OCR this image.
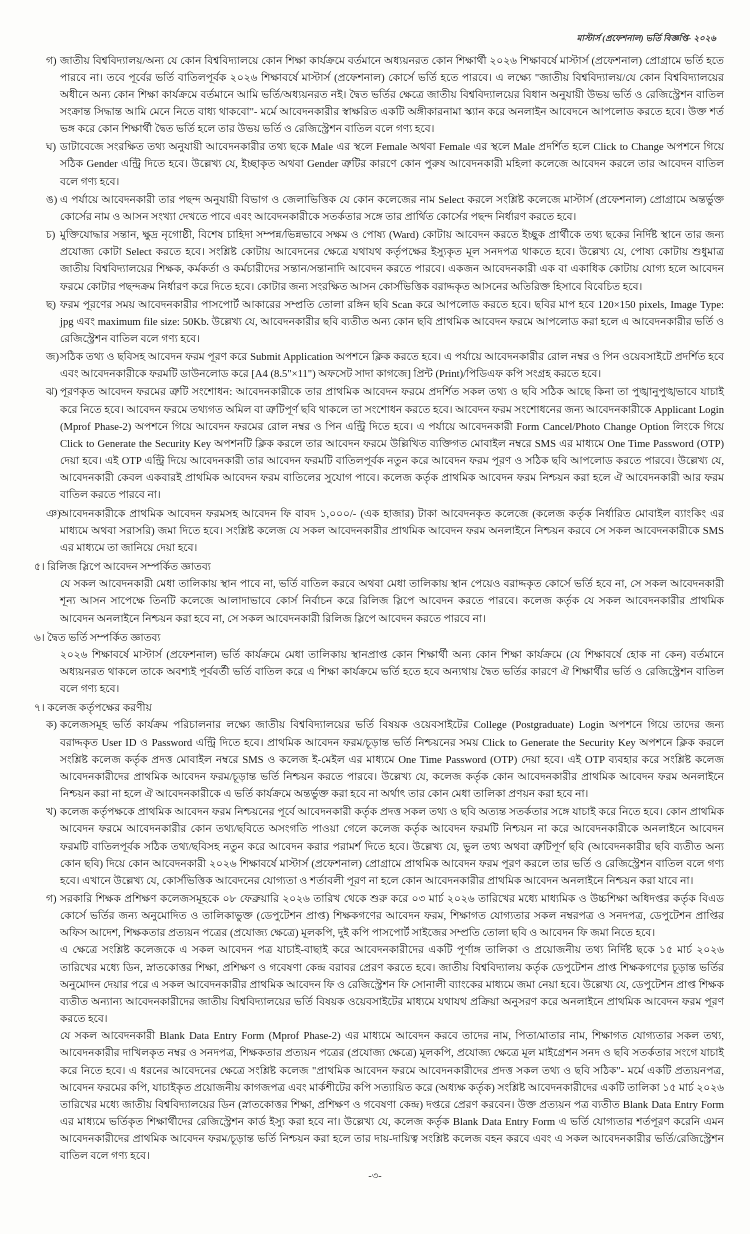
মাস্টার্স (প্রফেশনাল) ভর্তি বিজ্ঞপ্তি- ২০২৬
গ) জাতীয় বিশ্ববিদ্যালয়/অন্য যে কোন বিশ্ববিদ্যালয়ে কোন শিক্ষা কার্যক্রমে বর্তমানে অধ্যয়নরত কোন শিক্ষার্থী ২০২৬ শিক্ষাবর্ষে মাস্টার্স (প্রফেশনাল) প্রোগ্রামে ভর্তি হতে পারবে না। তবে পূর্বের ভর্তি বাতিলপূর্বক ২০২৬ শিক্ষাবর্ষে মাস্টার্স (প্রফেশনাল) কোর্সে ভর্তি হতে পারবে। এ লক্ষ্যে "জাতীয় বিশ্ববিদ্যালয়/যে কোন বিশ্ববিদ্যালয়ের অধীনে অন্য কোন শিক্ষা কার্যক্রমে বর্তমানে আমি ভর্তি/অধ্যয়নরত নই। দ্বৈত ভর্তির ক্ষেত্রে জাতীয় বিশ্ববিদ্যালয়ের বিধান অনুযায়ী উভয় ভর্তি ও রেজিস্ট্রেশন বাতিল সংক্রান্ত সিদ্ধান্ত আমি মেনে নিতে বাধ্য থাকবো"- মর্মে আবেদনকারীর স্বাক্ষরিত একটি অঙ্গীকারনামা স্ক্যান করে অনলাইন আবেদনে আপলোড করতে হবে। উক্ত শর্ত ভঙ্গ করে কোন শিক্ষার্থী দ্বৈত ভর্তি হলে তার উভয় ভর্তি ও রেজিস্ট্রেশন বাতিল বলে গণ্য হবে।
ঘ) ডাটাবেজে সংরক্ষিত তথ্য অনুযায়ী আবেদনকারীর তথ্য ছকে Male এর স্থলে Female অথবা Female এর স্থলে Male প্রদর্শিত হলে Click to Change অপশনে গিয়ে সঠিক Gender এন্ট্রি দিতে হবে। উল্লেখ্য যে, ইচ্ছাকৃত অথবা Gender ত্রুটির কারণে কোন পুরুষ আবেদনকারী মহিলা কলেজে আবেদন করলে তার আবেদন বাতিল বলে গণ্য হবে।
ঙ) এ পর্যায়ে আবেদনকারী তার পছন্দ অনুযায়ী বিভাগ ও জেলাভিত্তিক যে কোন কলেজের নাম Select করলে সংশ্লিষ্ট কলেজে মাস্টার্স (প্রফেশনাল) প্রোগ্রামে অন্তর্ভুক্ত কোর্সের নাম ও আসন সংখ্যা দেখতে পাবে এবং আবেদনকারীকে সতর্কতার সঙ্গে তার প্রার্থিত কোর্সের পছন্দ নির্ধারণ করতে হবে।
চ) মুক্তিযোদ্ধার সন্তান, ক্ষুদ্র নৃগোষ্ঠী, বিশেষ চাহিদা সম্পন্ন/ভিন্নভাবে সক্ষম ও পোষ্য (Ward) কোটায় আবেদন করতে ইচ্ছুক প্রার্থীকে তথ্য ছকের নির্দিষ্ট স্থানে তার জন্য প্রযোজ্য কোটা Select করতে হবে। সংশ্লিষ্ট কোটায় আবেদনের ক্ষেত্রে যথাযথ কর্তৃপক্ষের ইস্যুকৃত মূল সনদপত্র থাকতে হবে। উল্লেখ্য যে, পোষ্য কোটায় শুধুমাত্র জাতীয় বিশ্ববিদ্যালয়ের শিক্ষক, কর্মকর্তা ও কর্মচারীদের সন্তান/সন্তানাদি আবেদন করতে পারবে। একজন আবেদনকারী এক বা একাধিক কোটায় যোগ্য হলে আবেদন ফরমে কোটার পছন্দক্রম নির্ধারণ করে দিতে হবে। কোটার জন্য সংরক্ষিত আসন কোর্সভিত্তিক বরাদ্দকৃত আসনের অতিরিক্ত হিসাবে বিবেচিত হবে।
ছ) ফরম পূরণের সময় আবেদনকারীর পাসপোর্ট আকারের সম্প্রতি তোলা রঙ্গিন ছবি Scan করে আপলোড করতে হবে। ছবির মাপ হবে 120×150 pixels, Image Type: jpg এবং maximum file size: 50Kb. উল্লেখ্য যে, আবেদনকারীর ছবি ব্যতীত অন্য কোন ছবি প্রাথমিক আবেদন ফরমে আপলোড করা হলে এ আবেদনকারীর ভর্তি ও রেজিস্ট্রেশন বাতিল বলে গণ্য হবে।
জ) সঠিক তথ্য ও ছবিসহ আবেদন ফরম পূরণ করে Submit Application অপশনে ক্লিক করতে হবে। এ পর্যায়ে আবেদনকারীর রোল নম্বর ও পিন ওয়েবসাইটে প্রদর্শিত হবে এবং আবেদনকারীকে ফরমটি ডাউনলোড করে [A4 (8.5"×11") অফসেট সাদা কাগজে] প্রিন্ট (Print)/পিডিএফ কপি সংগ্রহ করতে হবে।
ঝ) পূরণকৃত আবেদন ফরমের ত্রুটি সংশোধন: আবেদনকারীকে তার প্রাথমিক আবেদন ফরমে প্রদর্শিত সকল তথ্য ও ছবি সঠিক আছে কিনা তা পুঙ্খানুপুঙ্খভাবে যাচাই করে নিতে হবে। আবেদন ফরমে তথ্যগত অমিল বা ত্রুটিপূর্ণ ছবি থাকলে তা সংশোধন করতে হবে। আবেদন ফরম সংশোধনের জন্য আবেদনকারীকে Applicant Login (Mprof Phase-2) অপশনে গিয়ে আবেদন ফরমের রোল নম্বর ও পিন এন্ট্রি দিতে হবে। এ পর্যায়ে আবেদনকারী Form Cancel/Photo Change Option লিংকে গিয়ে Click to Generate the Security Key অপশনটি ক্লিক করলে তার আবেদন ফরমে উল্লিখিত ব্যক্তিগত মোবাইল নম্বরে SMS এর মাধ্যমে One Time Password (OTP) দেয়া হবে। এই OTP এন্ট্রি দিয়ে আবেদনকারী তার আবেদন ফরমটি বাতিলপূর্বক নতুন করে আবেদন ফরম পূরণ ও সঠিক ছবি আপলোড করতে পারবে। উল্লেখ্য যে, আবেদনকারী কেবল একবারই প্রাথমিক আবেদন ফরম বাতিলের সুযোগ পাবে। কলেজ কর্তৃক প্রাথমিক আবেদন ফরম নিশ্চয়ন করা হলে ঐ আবেদনকারী আর ফরম বাতিল করতে পারবে না।
ঞ) আবেদনকারীকে প্রাথমিক আবেদন ফরমসহ আবেদন ফি বাবদ ১,০০০/- (এক হাজার) টাকা আবেদনকৃত কলেজে (কলেজ কর্তৃক নির্ধারিত মোবাইল ব্যাংকিং এর মাধ্যমে অথবা সরাসরি) জমা দিতে হবে। সংশ্লিষ্ট কলেজ যে সকল আবেদনকারীর প্রাথমিক আবেদন ফরম অনলাইনে নিশ্চয়ন করবে সে সকল আবেদনকারীকে SMS এর মাধ্যমে তা জানিয়ে দেয়া হবে।
৫। রিলিজ স্লিপে আবেদন সম্পর্কিত জ্ঞাতব্য
যে সকল আবেদনকারী মেধা তালিকায় স্থান পাবে না, ভর্তি বাতিল করবে অথবা মেধা তালিকায় স্থান পেয়েও বরাদ্দকৃত কোর্সে ভর্তি হবে না, সে সকল আবেদনকারী শূন্য আসন সাপেক্ষে তিনটি কলেজে আলাদাভাবে কোর্স নির্বাচন করে রিলিজ স্লিপে আবেদন করতে পারবে। কলেজ কর্তৃক যে সকল আবেদনকারীর প্রাথমিক আবেদন অনলাইনে নিশ্চয়ন করা হবে না, সে সকল আবেদনকারী রিলিজ স্লিপে আবেদন করতে পারবে না।
৬। দ্বৈত ভর্তি সম্পর্কিত জ্ঞাতব্য
২০২৬ শিক্ষাবর্ষে মাস্টার্স (প্রফেশনাল) ভর্তি কার্যক্রমে মেধা তালিকায় স্থানপ্রাপ্ত কোন শিক্ষার্থী অন্য কোন শিক্ষা কার্যক্রমে (যে শিক্ষাবর্ষে হোক না কেন) বর্তমানে অধ্যয়নরত থাকলে তাকে অবশ্যই পূর্ববর্তী ভর্তি বাতিল করে এ শিক্ষা কার্যক্রমে ভর্তি হতে হবে অন্যথায় দ্বৈত ভর্তির কারণে ঐ শিক্ষার্থীর ভর্তি ও রেজিস্ট্রেশন বাতিল বলে গণ্য হবে।
৭। কলেজ কর্তৃপক্ষের করণীয়
ক) কলেজসমূহ ভর্তি কার্যক্রম পরিচালনার লক্ষ্যে জাতীয় বিশ্ববিদ্যালয়ের ভর্তি বিষয়ক ওয়েবসাইটের College (Postgraduate) Login অপশনে গিয়ে তাদের জন্য বরাদ্দকৃত User ID ও Password এন্ট্রি দিতে হবে। প্রাথমিক আবেদন ফরম/চূড়ান্ত ভর্তি নিশ্চয়নের সময় Click to Generate the Security Key অপশনে ক্লিক করলে সংশ্লিষ্ট কলেজ কর্তৃক প্রদত্ত মোবাইল নম্বরে SMS ও কলেজ ই-মেইল এর মাধ্যমে One Time Password (OTP) দেয়া হবে। এই OTP ব্যবহার করে সংশ্লিষ্ট কলেজ আবেদনকারীদের প্রাথমিক আবেদন ফরম/চূড়ান্ত ভর্তি নিশ্চয়ন করতে পারবে। উল্লেখ্য যে, কলেজ কর্তৃক কোন আবেদনকারীর প্রাথমিক আবেদন ফরম অনলাইনে নিশ্চয়ন করা না হলে ঐ আবেদনকারীকে এ ভর্তি কার্যক্রমে অন্তর্ভুক্ত করা হবে না অর্থাৎ তার কোন মেধা তালিকা প্রণয়ন করা হবে না।
খ) কলেজ কর্তৃপক্ষকে প্রাথমিক আবেদন ফরম নিশ্চয়নের পূর্বে আবেদনকারী কর্তৃক প্রদত্ত সকল তথ্য ও ছবি অত্যন্ত সতর্কতার সঙ্গে যাচাই করে নিতে হবে। কোন প্রাথমিক আবেদন ফরমে আবেদনকারীর কোন তথ্য/ছবিতে অসংগতি পাওয়া গেলে কলেজ কর্তৃক আবেদন ফরমটি নিশ্চয়ন না করে আবেদনকারীকে অনলাইনে আবেদন ফরমটি বাতিলপূর্বক সঠিক তথ্য/ছবিসহ নতুন করে আবেদন করার পরামর্শ দিতে হবে। উল্লেখ্য যে, ভুল তথ্য অথবা ত্রুটিপূর্ণ ছবি (আবেদনকারীর ছবি ব্যতীত অন্য কোন ছবি) দিয়ে কোন আবেদনকারী ২০২৬ শিক্ষাবর্ষে মাস্টার্স (প্রফেশনাল) প্রোগ্রামে প্রাথমিক আবেদন ফরম পূরণ করলে তার ভর্তি ও রেজিস্ট্রেশন বাতিল বলে গণ্য হবে। এখানে উল্লেখ্য যে, কোর্সভিত্তিক আবেদনের যোগ্যতা ও শর্তাবলী পূরণ না হলে কোন আবেদনকারীর প্রাথমিক আবেদন অনলাইনে নিশ্চয়ন করা যাবে না।
গ) সরকারি শিক্ষক প্রশিক্ষণ কলেজসমূহকে ০৮ ফেব্রুয়ারি ২০২৬ তারিখ থেকে শুরু করে ০৩ মার্চ ২০২৬ তারিখের মধ্যে মাধ্যমিক ও উচ্চশিক্ষা অধিদপ্তর কর্তৃক বিএড কোর্সে ভর্তির জন্য অনুমোদিত ও তালিকাভুক্ত (ডেপুটেশন প্রাপ্ত) শিক্ষকগণের আবেদন ফরম, শিক্ষাগত যোগ্যতার সকল নম্বরপত্র ও সনদপত্র, ডেপুটেশন প্রাপ্তির অফিস আদেশ, শিক্ষকতার প্রত্যয়ন পত্রের (প্রযোজ্য ক্ষেত্রে) মূলকপি, দুই কপি পাসপোর্ট সাইজের সম্প্রতি তোলা ছবি ও আবেদন ফি জমা নিতে হবে।
এ ক্ষেত্রে সংশ্লিষ্ট কলেজকে এ সকল আবেদন পত্র যাচাই-বাছাই করে আবেদনকারীদের একটি পূর্ণাঙ্গ তালিকা ও প্রয়োজনীয় তথ্য নির্দিষ্ট ছকে ১৫ মার্চ ২০২৬ তারিখের মধ্যে ডিন, স্নাতকোত্তর শিক্ষা, প্রশিক্ষণ ও গবেষণা কেন্দ্র বরাবর প্রেরণ করতে হবে। জাতীয় বিশ্ববিদ্যালয় কর্তৃক ডেপুটেশন প্রাপ্ত শিক্ষকগণের চূড়ান্ত ভর্তির অনুমোদন দেয়ার পরে এ সকল আবেদনকারীর প্রাথমিক আবেদন ফি ও রেজিস্ট্রেশন ফি সোনালী ব্যাংকের মাধ্যমে জমা নেয়া হবে। উল্লেখ্য যে, ডেপুটেশন প্রাপ্ত শিক্ষক ব্যতীত অন্যান্য আবেদনকারীদের জাতীয় বিশ্ববিদ্যালয়ের ভর্তি বিষয়ক ওয়েবসাইটের মাধ্যমে যথাযথ প্রক্রিয়া অনুসরণ করে অনলাইনে প্রাথমিক আবেদন ফরম পূরণ করতে হবে।
যে সকল আবেদনকারী Blank Data Entry Form (Mprof Phase-2) এর মাধ্যমে আবেদন করবে তাদের নাম, পিতা/মাতার নাম, শিক্ষাগত যোগ্যতার সকল তথ্য, আবেদনকারীর দাখিলকৃত নম্বর ও সনদপত্র, শিক্ষকতার প্রত্যয়ন পত্রের (প্রযোজ্য ক্ষেত্রে) মূলকপি, প্রযোজ্য ক্ষেত্রে মূল মাইগ্রেশন সনদ ও ছবি সতর্কতার সংগে যাচাই করে নিতে হবে। এ ধরনের আবেদনের ক্ষেত্রে সংশ্লিষ্ট কলেজ "প্রাথমিক আবেদন ফরমে আবেদনকারীদের প্রদত্ত সকল তথ্য ও ছবি সঠিক"- মর্মে একটি প্রত্যয়নপত্র, আবেদন ফরমের কপি, যাচাইকৃত প্রয়োজনীয় কাগজপত্র এবং মার্কশীটের কপি সত্যায়িত করে (অধ্যক্ষ কর্তৃক) সংশ্লিষ্ট আবেদনকারীদের একটি তালিকা ১৫ মার্চ ২০২৬ তারিখের মধ্যে জাতীয় বিশ্ববিদ্যালয়ের ডিন (স্নাতকোত্তর শিক্ষা, প্রশিক্ষণ ও গবেষণা কেন্দ্র) দপ্তরে প্রেরণ করবেন। উক্ত প্রত্যয়ন পত্র ব্যতীত Blank Data Entry Form এর মাধ্যমে ভর্তিকৃত শিক্ষার্থীদের রেজিস্ট্রেশন কার্ড ইস্যু করা হবে না। উল্লেখ্য যে, কলেজ কর্তৃক Blank Data Entry Form এ ভর্তি যোগ্যতার শর্তপূরণ করেনি এমন আবেদনকারীদের প্রাথমিক আবেদন ফরম/চূড়ান্ত ভর্তি নিশ্চয়ন করা হলে তার দায়-দায়িত্ব সংশ্লিষ্ট কলেজ বহন করবে এবং এ সকল আবেদনকারীর ভর্তি/রেজিস্ট্রেশন বাতিল বলে গণ্য হবে।
-৩-
